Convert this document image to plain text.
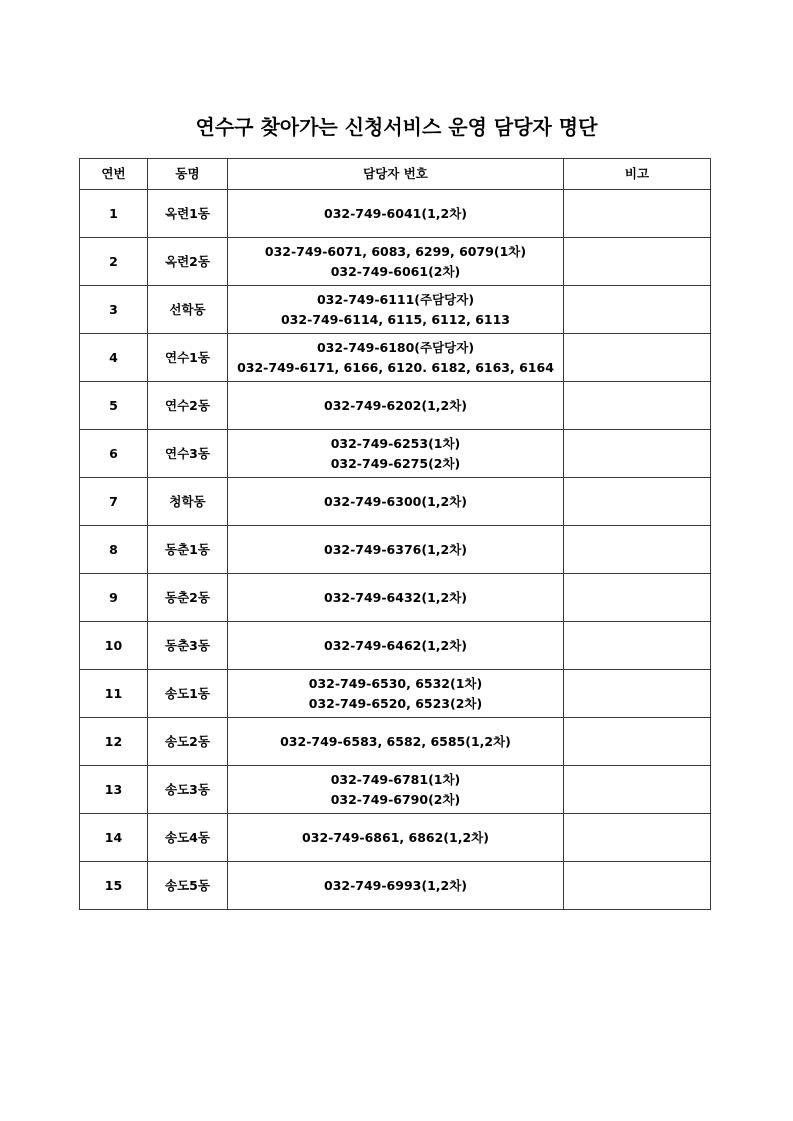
연수구 찾아가는 신청서비스 운영 담당자 명단
연번	동명	담당자 번호	비고
1	옥련1동	032-749-6041(1,2차)	

2	옥련2동	032-749-6071, 6083, 6299, 6079(1차)
032-749-6061(2차)	

3	선학동	032-749-6111(주담당자)
032-749-6114, 6115, 6112, 6113	

4	연수1동	032-749-6180(주담당자)
032-749-6171, 6166, 6120. 6182, 6163, 6164	

5	연수2동	032-749-6202(1,2차)	

6	연수3동	032-749-6253(1차)
032-749-6275(2차)	

7	청학동	032-749-6300(1,2차)	

8	동춘1동	032-749-6376(1,2차)	

9	동춘2동	032-749-6432(1,2차)	

10	동춘3동	032-749-6462(1,2차)	

11	송도1동	032-749-6530, 6532(1차)
032-749-6520, 6523(2차)	

12	송도2동	032-749-6583, 6582, 6585(1,2차)	

13	송도3동	032-749-6781(1차)
032-749-6790(2차)	

14	송도4동	032-749-6861, 6862(1,2차)	

15	송도5동	032-749-6993(1,2차)	
